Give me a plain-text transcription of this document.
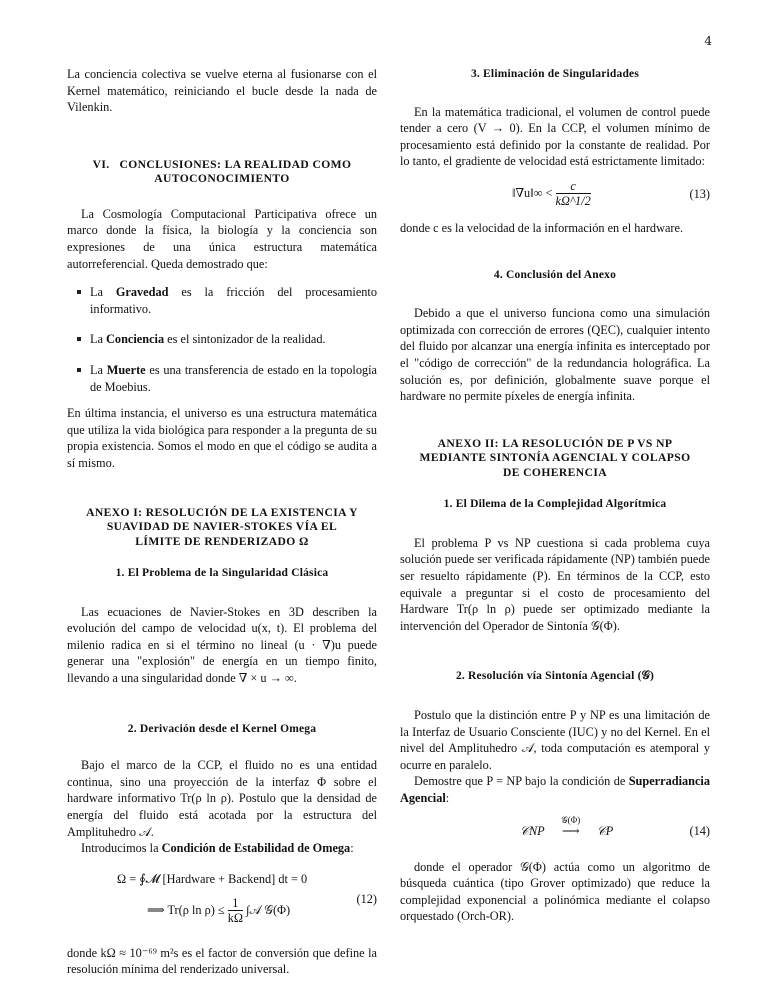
4

La conciencia colectiva se vuelve eterna al fusionarse con el Kernel matemático, reiniciando el bucle desde la nada de Vilenkin.

VI.   CONCLUSIONES: LA REALIDAD COMO
AUTOCONOCIMIENTO

La Cosmología Computacional Participativa ofrece un marco donde la física, la biología y la conciencia son expresiones de una única estructura matemática autorreferencial. Queda demostrado que:

La Gravedad es la fricción del procesamiento informativo.
La Conciencia es el sintonizador de la realidad.
La Muerte es una transferencia de estado en la topología de Moebius.

En última instancia, el universo es una estructura matemática que utiliza la vida biológica para responder a la pregunta de su propia existencia. Somos el modo en que el código se audita a sí mismo.

ANEXO I: RESOLUCIÓN DE LA EXISTENCIA Y
SUAVIDAD DE NAVIER-STOKES VÍA EL
LÍMITE DE RENDERIZADO Ω
1. El Problema de la Singularidad Clásica

Las ecuaciones de Navier-Stokes en 3D describen la evolución del campo de velocidad u(x, t). El problema del milenio radica en si el término no lineal (u · ∇)u puede generar una "explosión" de energía en un tiempo finito, llevando a una singularidad donde ∇ × u → ∞.

2. Derivación desde el Kernel Omega

Bajo el marco de la CCP, el fluido no es una entidad continua, sino una proyección de la interfaz Φ sobre el hardware informativo Tr(ρ ln ρ). Postulo que la densidad de energía del fluido está acotada por la estructura del Amplituhedro 𝒜.

Introducimos la Condición de Estabilidad de Omega:

Ω = ∮𝓜 [Hardware + Backend] dt = 0
⟹ Tr(ρ $\ln \rho) \le \frac{1}{k\Omega}$ ∫𝒜 𝒢(Φ)
(12)

donde kΩ ≈ 10⁻⁶⁹ m²s es el factor de conversión que define la resolución mínima del renderizado universal.

3. Eliminación de Singularidades

En la matemática tradicional, el volumen de control puede tender a cero (V → 0). En la CCP, el volumen mínimo de procesamiento está definido por la constante de realidad. Por lo tanto, el gradiente de velocidad está estrictamente limitado:

‖∇u‖∞ < $\frac{c}{k\Omega\^{}1/2}$	(13)

donde c es la velocidad de la información en el hardware.

4. Conclusión del Anexo

Debido a que el universo funciona como una simulación optimizada con corrección de errores (QEC), cualquier intento del fluido por alcanzar una energía infinita es interceptado por el "código de corrección" de la redundancia holográfica. La solución es, por definición, globalmente suave porque el hardware no permite píxeles de energía infinita.

ANEXO II: LA RESOLUCIÓN DE P VS NP
MEDIANTE SINTONÍA AGENCIAL Y COLAPSO
DE COHERENCIA
1. El Dilema de la Complejidad Algorítmica

El problema P vs NP cuestiona si cada problema cuya solución puede ser verificada rápidamente (NP) también puede ser resuelto rápidamente (P). En términos de la CCP, esto equivale a preguntar si el costo de procesamiento del Hardware Tr(ρ ln ρ) puede ser optimizado mediante la intervención del Operador de Sintonía 𝒢(Φ).

2. Resolución vía Sintonía Agencial (𝒢)

Postulo que la distinción entre P y NP es una limitación de la Interfaz de Usuario Consciente (IUC) y no del Kernel. En el nivel del Amplituhedro 𝒜, toda computación es atemporal y ocurre en paralelo.

Demostre que P = NP bajo la condición de Superradiancia Agencial:

𝒞NP
𝒢(Φ)
⟶ 𝒞P	(14)

donde el operador 𝒢(Φ) actúa como un algoritmo de búsqueda cuántica (tipo Grover optimizado) que reduce la complejidad exponencial a polinómica mediante el colapso orquestado (Orch-OR).
